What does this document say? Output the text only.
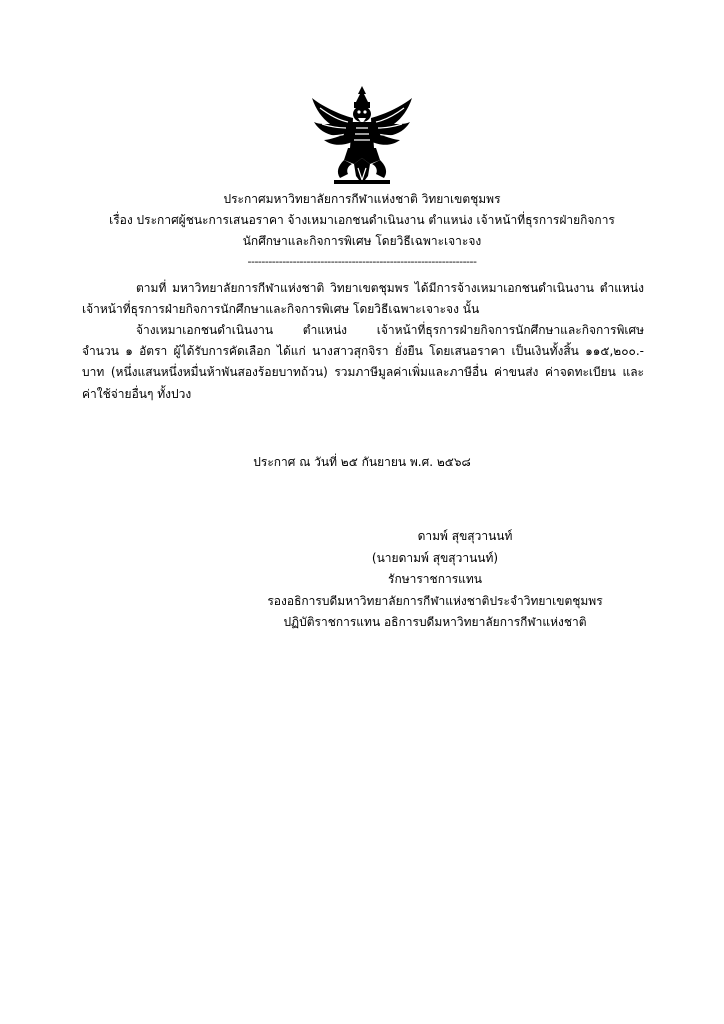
ประกาศมหาวิทยาลัยการกีฬาแห่งชาติ วิทยาเขตชุมพร
เรื่อง ประกาศผู้ชนะการเสนอราคา จ้างเหมาเอกชนดำเนินงาน ตำแหน่ง เจ้าหน้าที่ธุรการฝ่ายกิจการ
นักศึกษาและกิจการพิเศษ โดยวิธีเฉพาะเจาะจง
------------------------------------------------------------------
ตามที่ มหาวิทยาลัยการกีฬาแห่งชาติ วิทยาเขตชุมพร ได้มีการจ้างเหมาเอกชนดำเนินงาน ตำแหน่ง
เจ้าหน้าที่ธุรการฝ่ายกิจการนักศึกษาและกิจการพิเศษ โดยวิธีเฉพาะเจาะจง นั้น
จ้างเหมาเอกชนดำเนินงาน ตำแหน่ง เจ้าหน้าที่ธุรการฝ่ายกิจการนักศึกษาและกิจการพิเศษ
จำนวน ๑ อัตรา ผู้ได้รับการคัดเลือก ได้แก่ นางสาวสุกจิรา ยั่งยืน โดยเสนอราคา เป็นเงินทั้งสิ้น ๑๑๕,๒๐๐.-
บาท (หนึ่งแสนหนึ่งหมื่นห้าพันสองร้อยบาทถ้วน) รวมภาษีมูลค่าเพิ่มและภาษีอื่น ค่าขนส่ง ค่าจดทะเบียน และ
ค่าใช้จ่ายอื่นๆ ทั้งปวง
ประกาศ ณ วันที่ ๒๕ กันยายน พ.ศ. ๒๕๖๘
ดามพ์ สุขสุวานนท์
(นายดามพ์ สุขสุวานนท์)
รักษาราชการแทน
รองอธิการบดีมหาวิทยาลัยการกีฬาแห่งชาติประจำวิทยาเขตชุมพร
ปฏิบัติราชการแทน อธิการบดีมหาวิทยาลัยการกีฬาแห่งชาติ
